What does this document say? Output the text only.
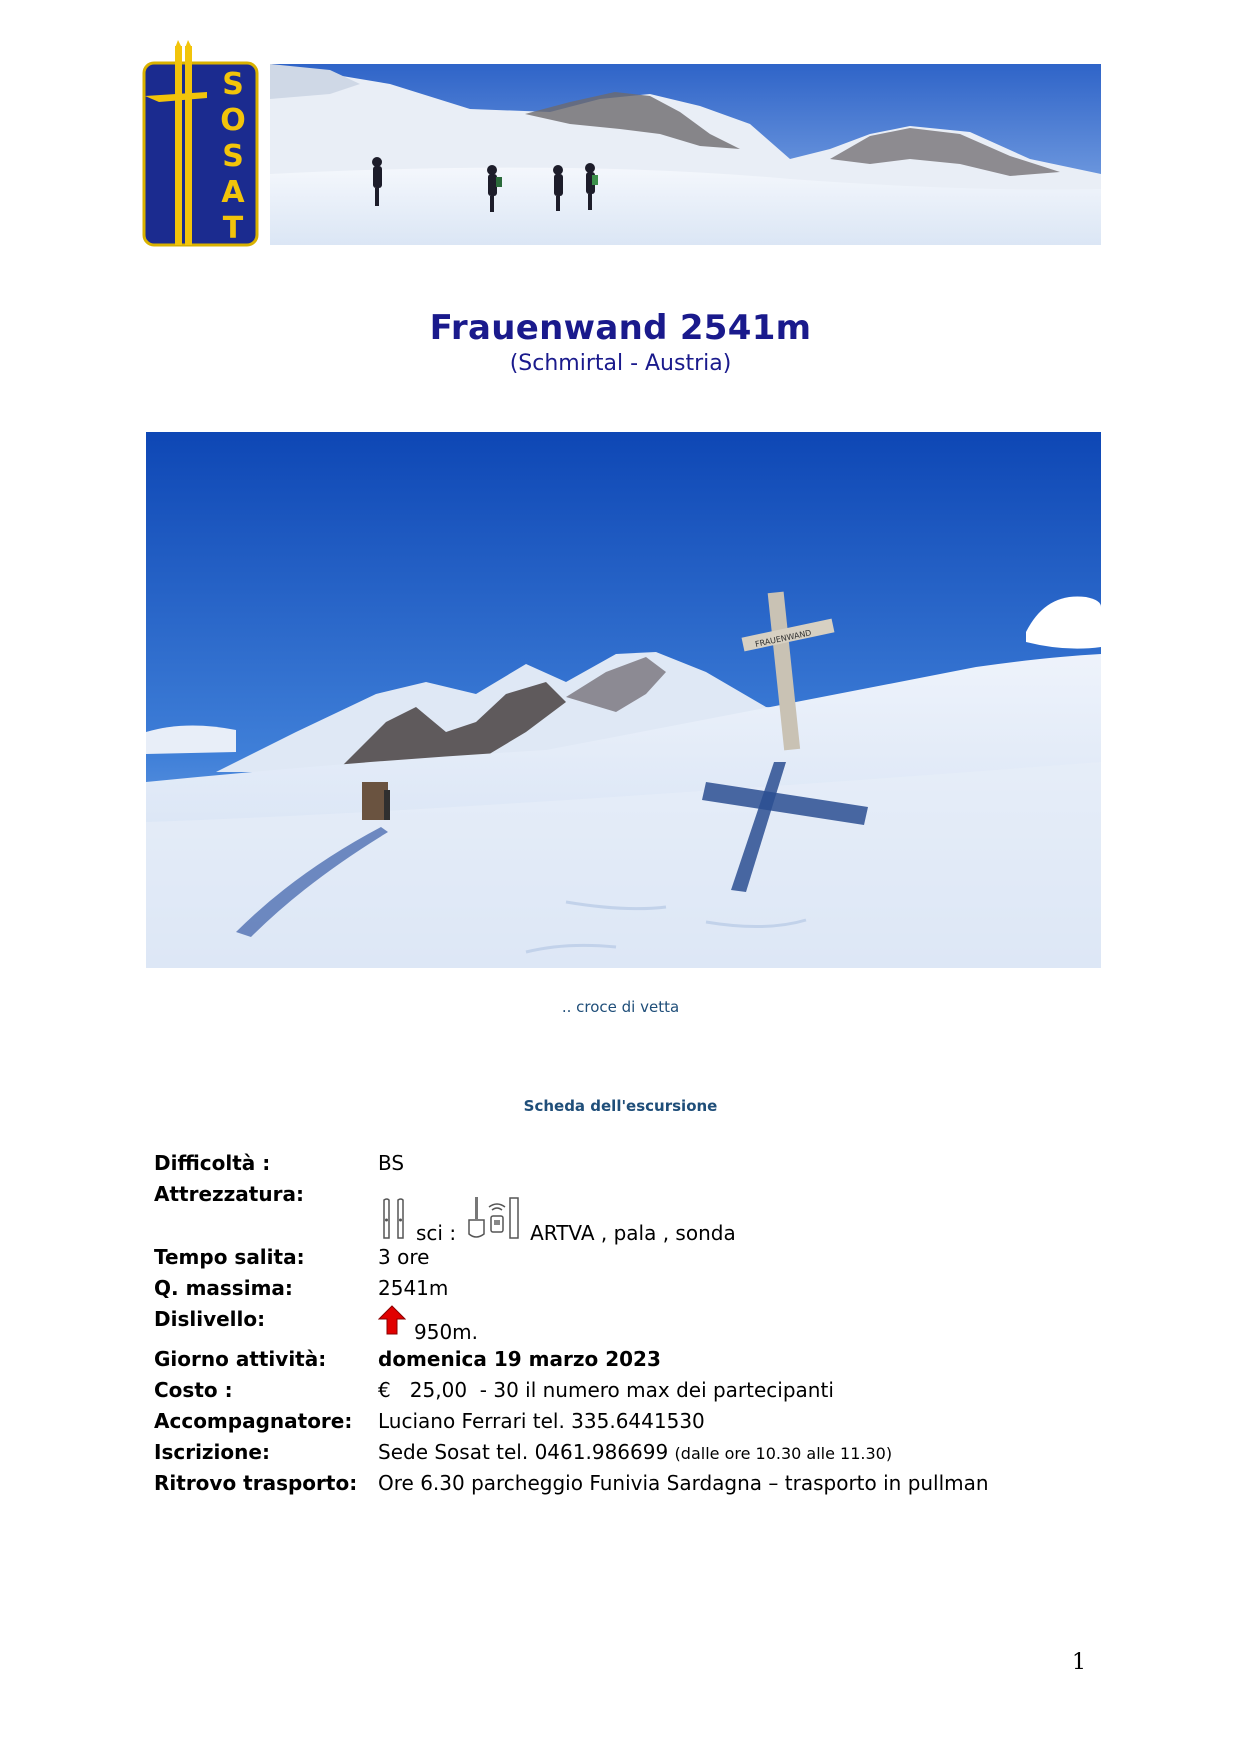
S
O
S
A
T
Frauenwand 2541m
(Schmirtal - Austria)
FRAUENWAND
.. croce di vetta
Scheda dell'escursione
Difficoltà :	BS
Attrezzatura:
sci :	ARTVA , pala , sonda
Tempo salita:	3 ore
Q. massima:	2541m
Dislivello:
950m.
Giorno attività:	domenica 19 marzo 2023
Costo :	€   25,00  - 30 il numero max dei partecipanti
Accompagnatore: Luciano Ferrari tel. 335.6441530
Iscrizione:	Sede Sosat tel. 0461.986699 (dalle ore 10.30 alle 11.30)
Ritrovo trasporto: Ore 6.30 parcheggio Funivia Sardagna – trasporto in pullman
1
